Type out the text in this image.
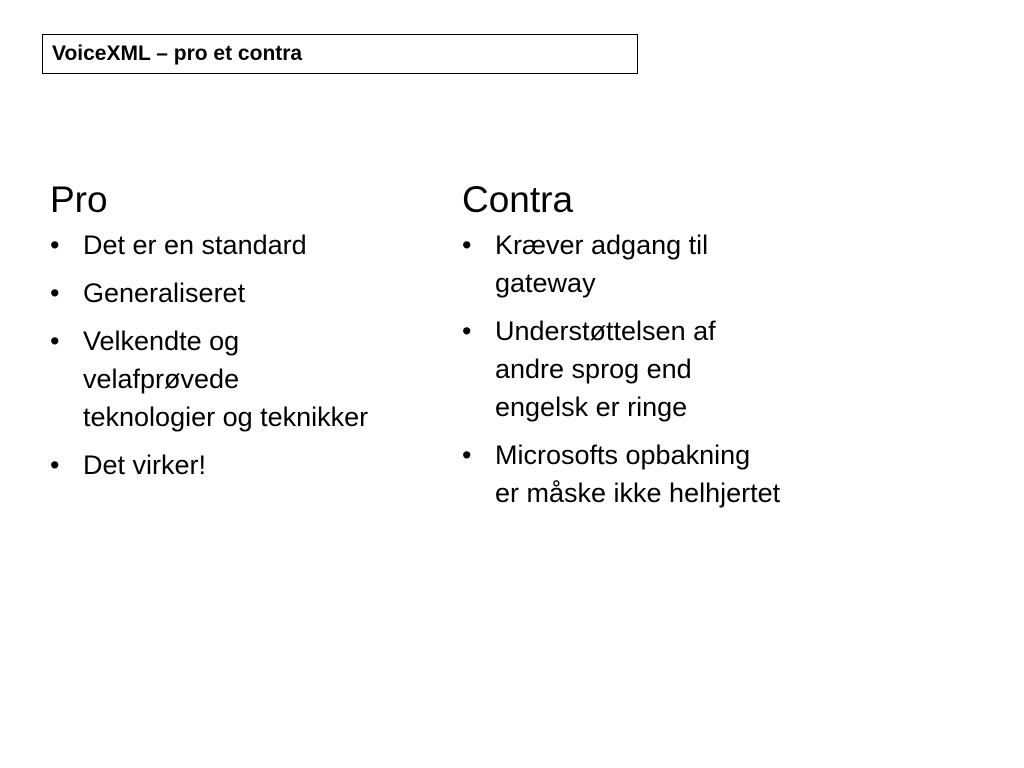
VoiceXML – pro et contra
Pro
• Det er en standard
• Generaliseret
• Velkendte og
velafprøvede
teknologier og teknikker
• Det virker!
Contra
• Kræver adgang til
gateway
• Understøttelsen af
andre sprog end
engelsk er ringe
• Microsofts opbakning
er måske ikke helhjertet
